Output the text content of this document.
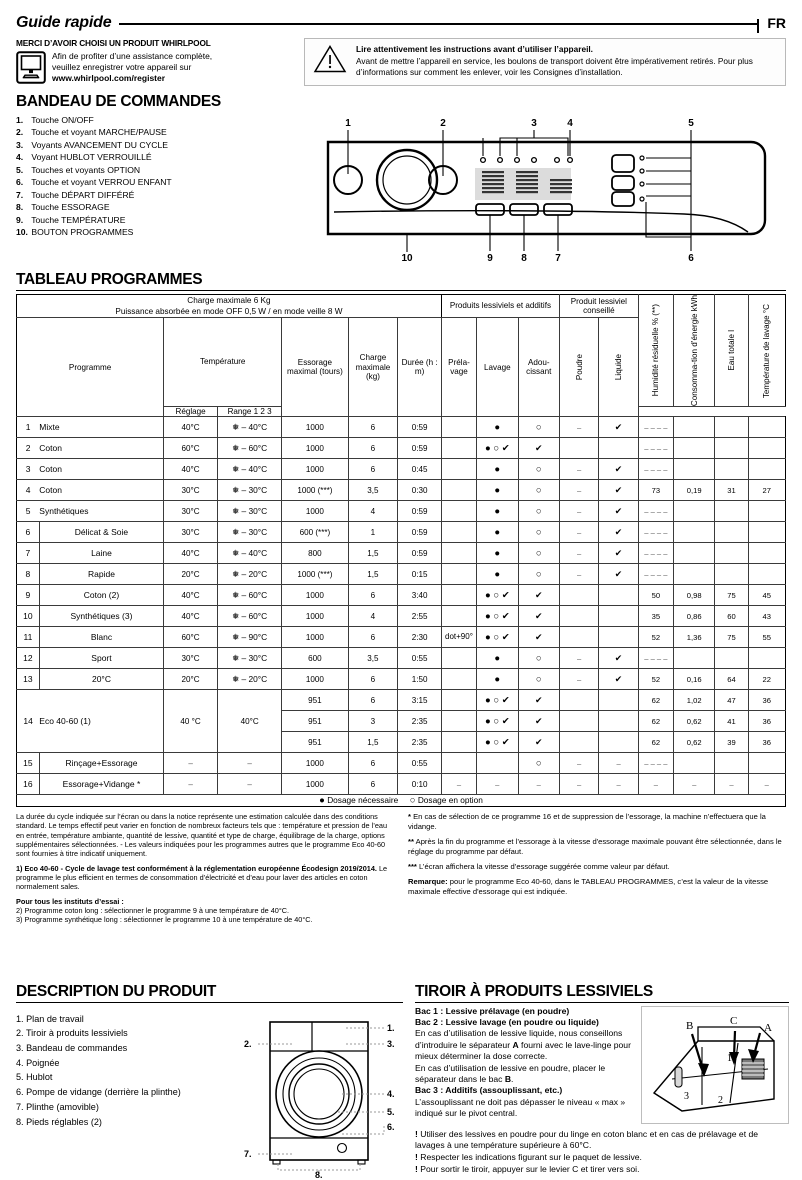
Guide rapide	FR
MERCI D’AVOIR CHOISI UN PRODUIT WHIRLPOOL
Afin de profiter d’une assistance complète,
veuillez enregistrer votre appareil sur
www.whirlpool.com/register
Lire attentivement les instructions avant d’utiliser l’appareil.
Avant de mettre l’appareil en service, les boulons de transport doivent être impérativement retirés. Pour plus d’informations sur comment les enlever, voir les Consignes d’installation.
BANDEAU DE COMMANDES
1. Touche ON/OFF
2. Touche et voyant MARCHE/PAUSE
3. Voyants AVANCEMENT DU CYCLE
4. Voyant HUBLOT VERROUILLÉ
5. Touches et voyants OPTION
6. Touche et voyant VERROU ENFANT
7. Touche DÉPART DIFFÉRÉ
8. Touche ESSORAGE
9. Touche TEMPÉRATURE
10. BOUTON PROGRAMMES
1	2	3	4	5
10	9	8	7	6
TABLEAU PROGRAMMES
Charge maximale 6 Kg
Puissance absorbée en mode OFF 0,5 W / en mode veille 8 W							Produits lessiviels et additifs			Produit lessiviel conseillé		Humidité résiduelle % (**)	Consomma-tion d’énergie kWh	Eau totale l	Température de lavage °C

Programme		Température		Essorage maximal (tours)	Charge maximale (kg)	Durée (h : m)	Préla-vage	Lavage	Adou-cissant	Poudre	Liquide				

		Réglage	Range 1 2 3												
1	Mixte	40°C	❅ – 40°C	1000	6	0:59		●	○	–	✔	– – – –			
2	Coton	60°C	❅ – 60°C	1000	6	0:59		● ○ ✔	✔			– – – –			
3	Coton	40°C	❅ – 40°C	1000	6	0:45		●	○	–	✔	– – – –			
4	Coton	30°C	❅ – 30°C	1000 (***)	3,5	0:30		●	○	–	✔	73	0,19	31	27
5	Synthétiques	30°C	❅ – 30°C	1000	4	0:59		●	○	–	✔	– – – –			
6	Délicat & Soie	30°C	❅ – 30°C	600 (***)	1	0:59		●	○	–	✔	– – – –			
7	Laine	40°C	❅ – 40°C	800	1,5	0:59		●	○	–	✔	– – – –			
8	Rapide	20°C	❅ – 20°C	1000 (***)	1,5	0:15		●	○	–	✔	– – – –			
9	Coton (2)	40°C	❅ – 60°C	1000	6	3:40		● ○ ✔	✔			50	0,98	75	45
10	Synthétiques (3)	40°C	❅ – 60°C	1000	4	2:55		● ○ ✔	✔			35	0,86	60	43
11	Blanc	60°C	❅ – 90°C	1000	6	2:30	dot+90°	● ○ ✔	✔			52	1,36	75	55
12	Sport	30°C	❅ – 30°C	600	3,5	0:55		●	○	–	✔	– – – –			
13	20°C	20°C	❅ – 20°C	1000	6	1:50		●	○	–	✔	52	0,16	64	22
14	Eco 40-60 (1)	40 °C	40°C	951	6	3:15		● ○ ✔	✔			62	1,02	47	36
				951	3	2:35		● ○ ✔	✔			62	0,62	41	36
				951	1,5	2:35		● ○ ✔	✔			62	0,62	39	36
15	Rinçage+Essorage	–	–	1000	6	0:55			○	–	–	– – – –			
16	Essorage+Vidange *	–	–	1000	6	0:10	–	–	–	–	–	–	–	–	–
● Dosage nécessaire ○ Dosage en option															

La durée du cycle indiquée sur l’écran ou dans la notice représente une estimation calculée dans des conditions standard. Le temps effectif peut varier en fonction de nombreux facteurs tels que : température et pression de l’eau en entrée, température ambiante, quantité de lessive, quantité et type de charge, équilibrage de la charge, options supplémentaires sélectionnées. - Les valeurs indiquées pour les programmes autres que le programme Eco 40-60 sont fournies à titre indicatif uniquement.

1) Eco 40-60 - Cycle de lavage test conformément à la réglementation européenne Écodesign 2019/2014. Le programme le plus efficient en termes de consommation d’électricité et d’eau pour laver des articles en coton normalement sales.

Pour tous les instituts d’essai :
2) Programme coton long : sélectionner le programme 9 à une température de 40°C.
3) Programme synthétique long : sélectionner le programme 10 à une température de 40°C.

* En cas de sélection de ce programme 16 et de suppression de l’essorage, la machine n’effectuera que la vidange.

** Après la fin du programme et l’essorage à la vitesse d'essorage maximale pouvant être sélectionnée, dans le réglage du programme par défaut.

*** L’écran affichera la vitesse d’essorage suggérée comme valeur par défaut.

Remarque: pour le programme Eco 40-60, dans le TABLEAU PROGRAMMES, c’est la valeur de la vitesse maximale effective d'essorage qui est indiquée.

DESCRIPTION DU PRODUIT
1. Plan de travail
2. Tiroir à produits lessiviels
3. Bandeau de commandes
4. Poignée
5. Hublot
6. Pompe de vidange (derrière la plinthe)
7. Plinthe (amovible)
8. Pieds réglables (2)
1.
2.	3.
4.
5.
6.
7.
8.
TIROIR À PRODUITS LESSIVIELS
Bac 1 : Lessive prélavage (en poudre)
Bac 2 : Lessive lavage (en poudre ou liquide)
En cas d’utilisation de lessive liquide, nous conseillons d’introduire le séparateur A fourni avec le lave-linge pour mieux déterminer la dose correcte.
En cas d’utilisation de lessive en poudre, placer le séparateur dans le bac B.
Bac 3 : Additifs (assouplissant, etc.)
L’assouplissant ne doit pas dépasser le niveau « max » indiqué sur le pivot central.
B	C
A
1
2
3
! Utiliser des lessives en poudre pour du linge en coton blanc et en cas de prélavage et de lavages à une température supérieure à 60°C.
! Respecter les indications figurant sur le paquet de lessive.
! Pour sortir le tiroir, appuyer sur le levier C et tirer vers soi.
